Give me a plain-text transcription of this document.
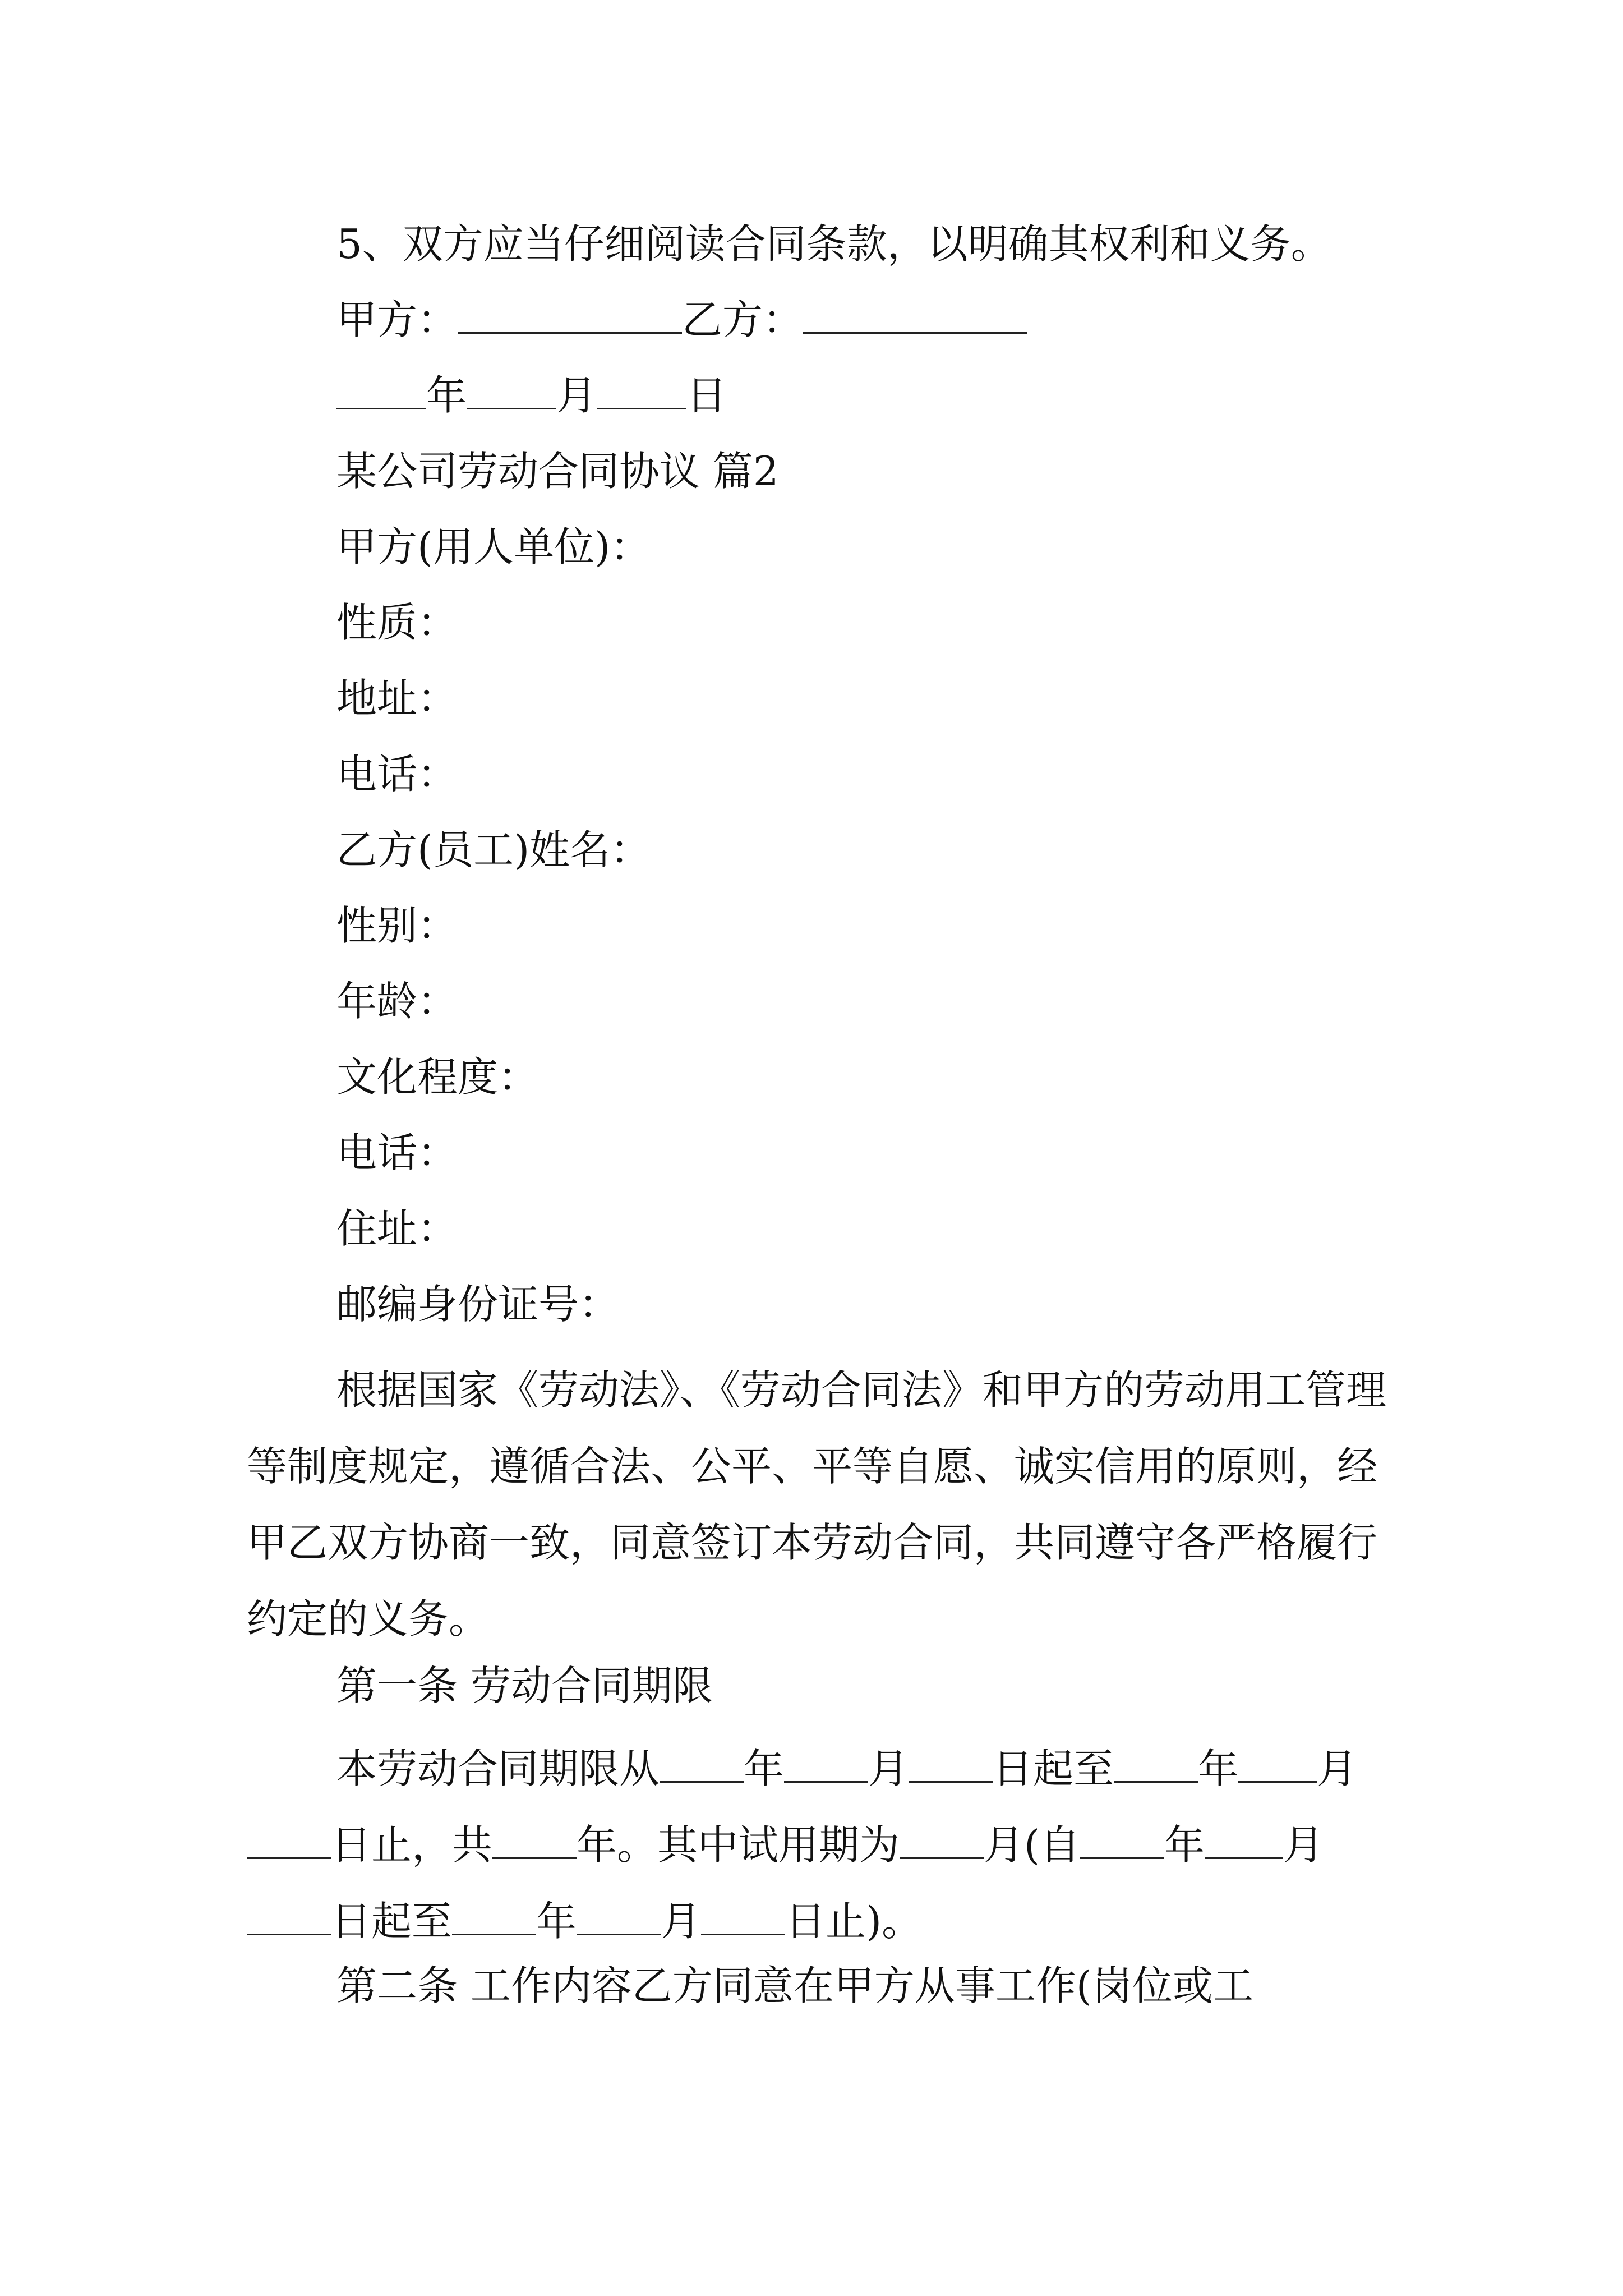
5、双方应当仔细阅读合同条款，以明确其权利和义务。

甲方：	乙方：

年 月 日

某公司劳动合同协议 篇2

甲方(用人单位)：

性质：

地址：

电话：

乙方(员工)姓名：

性别：

年龄：

文化程度：

电话：

住址：

邮编身份证号：

根据国家《劳动法》、《劳动合同法》和甲方的劳动用工管理等制度规定，遵循合法、公平、平等自愿、诚实信用的原则，经甲乙双方协商一致，同意签订本劳动合同，共同遵守各严格履行约定的义务。

第一条 劳动合同期限

本劳动合同期限从 年 月 日起至 年 月日止，共 年。其中试用期为 月(自 年 月日起至 年 月 日止)。

第二条 工作内容乙方同意在甲方从事工作(岗位或工
